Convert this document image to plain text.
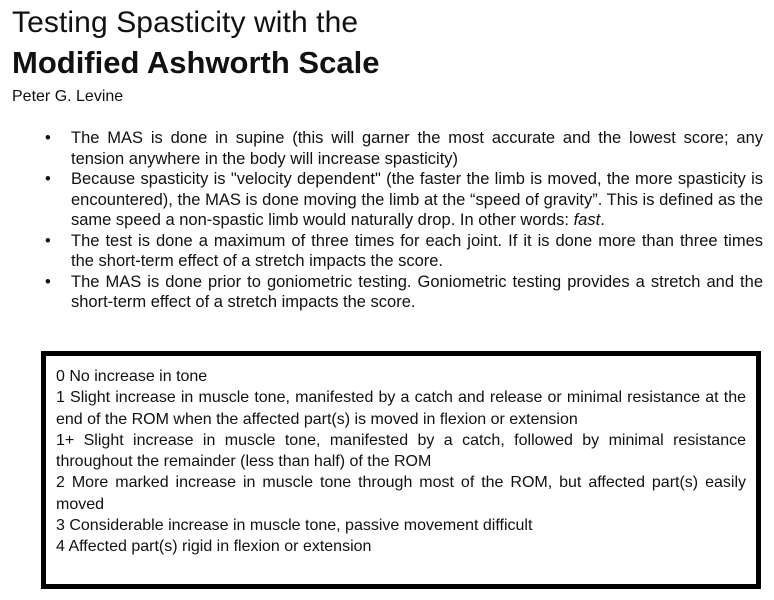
Testing Spasticity with the
Modified Ashworth Scale
Peter G. Levine
• The MAS is done in supine (this will garner the most accurate and the lowest score; any tension anywhere in the body will increase spasticity)
• Because spasticity is "velocity dependent" (the faster the limb is moved, the more spasticity is encountered), the MAS is done moving the limb at the “speed of gravity”. This is defined as the same speed a non-spastic limb would naturally drop. In other words: fast.
• The test is done a maximum of three times for each joint. If it is done more than three times the short-term effect of a stretch impacts the score.
• The MAS is done prior to goniometric testing. Goniometric testing provides a stretch and the short-term effect of a stretch impacts the score.
0 No increase in tone
1 Slight increase in muscle tone, manifested by a catch and release or minimal resistance at the end of the ROM when the affected part(s) is moved in flexion or extension
1+ Slight increase in muscle tone, manifested by a catch, followed by minimal resistance throughout the remainder (less than half) of the ROM
2 More marked increase in muscle tone through most of the ROM, but affected part(s) easily moved
3 Considerable increase in muscle tone, passive movement difficult
4 Affected part(s) rigid in flexion or extension
